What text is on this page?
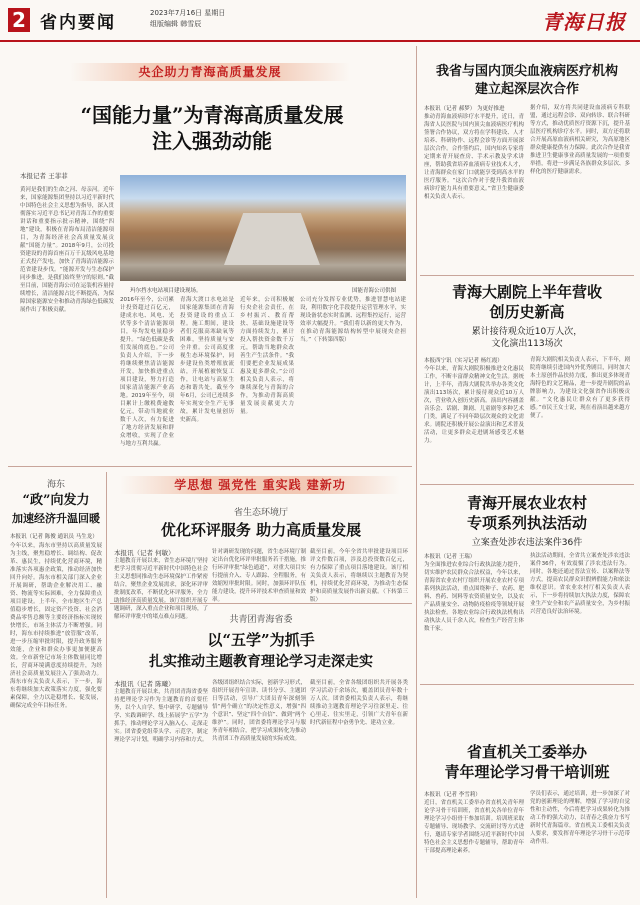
2 省内要闻	2023年7月16日 星期日
组版编辑 韩雪辰	青海日报
央企助力青海高质量发展
“国能力量”为青海高质量发展
注入强劲动能
本报记者 王菲菲
黄河是我们的生命之河、母亲河。近年来，国家能源集团坚持以习近平新时代中国特色社会主义思想为指导，深入贯彻落实习近平总书记对青海工作的重要讲话和重要指示批示精神，围绕“四地”建设，积极在青海布局清洁能源项目，为青海经济社会高质量发展贡献“国能力量”。2018年9月，公司投资建设的青海首座百万千瓦级风电基地正式投产发电，加快了青海清洁能源示范省建设步伐。“能源开发与生态保护同步推进，是我们始终坚守的原则。”截至目前，国能青海公司在运装机容量持续增长，清洁能源占比不断提高，为保障国家能源安全和推动青海绿色低碳发展作出了积极贡献。
玛尔挡水电站项目建设现场。	国能青海公司供图
2016年至今，公司累计投资超过百亿元，建成水电、风电、光伏等多个清洁能源项目，年均发电量稳步提升。“绿色低碳是我们发展的底色。”公司负责人介绍，下一步将继续聚焦清洁能源开发，加快推进重点项目建设，努力打造国家清洁能源产业高地。2019年至今，项目累计上缴税费逾数亿元，带动当地就业数千人次，有力促进了地方经济发展和群众增收，实现了企业与地方互利共赢。
青海大渡口水电站是国家能源集团在青海投资建设的重点工程。施工期间，建设者们克服高寒缺氧等困难，坚持质量与安全并重。公司高度重视生态环境保护，同步建设鱼类增殖放流站，开展植被恢复工作，让电站与高原生态和谐共处。截至今年6月，公司已连续多年实现安全生产无事故，累计发电量创历史新高。
近年来，公司积极履行央企社会责任，在乡村振兴、教育帮扶、基础设施建设等方面持续发力，累计投入帮扶资金数千万元，帮助当地群众改善生产生活条件。“我们要把企业发展成果惠及更多群众。”公司相关负责人表示，将继续深化与青海的合作，为推动青海高质量发展贡献更大力量。
公司充分发挥专业优势，推进智慧电站建设，利用数字化手段提升运营管理水平，实现设备状态实时监测、远程集控运行，运营效率大幅提升。“我们将以新的更大作为，在推动青海能源结构转型中展现央企担当。”（下转第四版）
海东
“政”向发力
加速经济升温回暖
本报讯（记者 陈俊 通讯员 马生龙）
今年以来，海东市坚持以高质量发展为主线，聚焦稳增长、调结构、促改革、惠民生，持续优化营商环境，精准落实各项惠企政策，推动经济加快回升向好。海东市相关部门深入企业开展调研，帮助企业解决用工、融资、物流等实际困难，全力保障重点项目建设。上半年，全市地区生产总值稳步增长，固定资产投资、社会消费品零售总额等主要经济指标实现较快增长，市场主体活力不断增强。同时，海东市持续推进“放管服”改革，进一步压缩审批时限，提升政务服务效能，企业和群众办事更加便捷高效。全市新登记市场主体数量同比增长，营商环境满意度持续提升，为经济社会高质量发展注入了强劲动力。海东市有关负责人表示，下一步，海东将继续加大政策落实力度，强化要素保障，全力以赴稳增长、促发展，确保完成全年目标任务。
学思想 强党性 重实践 建新功
省生态环境厅
优化环评服务 助力高质量发展
本报讯（记者 何敏）
主题教育开展以来，省生态环境厅坚持把学习贯彻习近平新时代中国特色社会主义思想同推动生态环境保护工作紧密结合，聚焦企业发展需求，深化环评审批制度改革，不断优化环评服务，全力助推经济高质量发展。该厅组织开展专题调研，深入重点企业和项目现场，了解环评审批中的堵点难点问题。
针对调研发现的问题，省生态环境厅制定出台优化环评审批服务若干措施，推行环评审批“绿色通道”，对重大项目实行提前介入、专人跟踪、全程服务，有效缩短审批时限。同时，加强环评队伍能力建设，提升环评技术审查质量和效率。
截至目前，今年全省共审批建设项目环评文件数百项，涉及总投资数百亿元，有力保障了重点项目落地建设。该厅相关负责人表示，将继续以主题教育为契机，持续优化营商环境，为推动生态保护和高质量发展作出新贡献。（下转第三版）
共青团青海省委
以“五学”为抓手
扎实推动主题教育理论学习走深走实
本报讯（记者 陈曦）
主题教育开展以来，共青团青海省委坚持把理论学习作为主题教育的首要任务，以个人自学、集中研学、专题辅导学、实践调研学、线上拓展学“五学”为抓手，推动理论学习入脑入心、走深走实。团省委党组带头学、示范学，制定理论学习计划，明确学习内容和方式。
各级团组织结合实际，创新学习形式，组织开展青年宣讲、读书分享、主题团日等活动，引导广大团员青年深刻领悟“两个确立”的决定性意义，增强“四个意识”、坚定“四个自信”、做到“两个维护”。同时，团省委将理论学习与服务青年相结合，把学习成果转化为推动共青团工作高质量发展的实际成效。
截至目前，全省各级团组织共开展各类学习活动千余场次，覆盖团员青年数十万人次。团省委相关负责人表示，将继续推动主题教育理论学习往深里走、往心里走、往实里走，引领广大青年在新时代新征程中奋勇争先、建功立业。
我省与国内顶尖血液病医疗机构
建立起深层次合作
本报讯（记者 郝梦） 为更好推进
推动青海血液病诊疗水平提升，近日，青海省人民医院与国内顶尖血液病医疗机构签署合作协议，双方将在学科建设、人才培养、科研协作、远程会诊等方面开展深层次合作。合作签约后，国内知名专家将定期来青开展查房、手术示教及学术讲座，帮助我省培养血液病专业技术人才，让青海群众在家门口就能享受到高水平的医疗服务。“这次合作对于提升我省血液病诊疗能力具有重要意义。”省卫生健康委相关负责人表示。
据介绍，双方将共同建设血液病专科联盟，通过远程会诊、双向转诊、联合科研等方式，推动优质医疗资源下沉，提升基层医疗机构诊疗水平。同时，双方还将联合开展高原血液病相关研究，为高原地区群众健康提供有力保障。此次合作是我省推进卫生健康事业高质量发展的一项重要举措，将进一步满足各族群众多层次、多样化的医疗健康需求。
青海大剧院上半年营收
创历史新高
累计接待观众近10万人次，
文化演出113场次
本报西宁讯（实习记者 杨红霞）
今年以来，青海大剧院积极推进文化惠民工作，不断丰富群众精神文化生活。据统计，上半年，青海大剧院共举办各类文化演出113场次，累计接待观众近10万人次，营业收入创历史新高。演出内容涵盖音乐会、话剧、舞剧、儿童剧等多种艺术门类，满足了不同年龄层次观众的文化需求。剧院还积极开展公益演出和艺术普及活动，让更多群众走进剧场感受艺术魅力。
青海大剧院相关负责人表示，下半年，剧院将继续引进国内外优秀剧目，同时加大本土原创作品扶持力度，推出更多体现青海特色的文艺精品，进一步提升剧院的品牌影响力，为建设文化强省作出积极贡献。“文化惠民让群众有了更多获得感。”市民王女士说，现在看演出越来越方便了。
青海开展农业农村
专项系列执法活动
立案查处涉农违法案件36件
本报讯（记者 王瑞）
为全面推进农业综合行政执法能力提升，切实维护农民群众合法权益，今年以来，青海省农业农村厅组织开展农业农村专项系列执法活动，重点围绕种子、农药、肥料、兽药、饲料等农资质量安全，以及农产品质量安全、动物防疫检疫等领域开展执法检查。各地农业综合行政执法机构出动执法人员千余人次，检查生产经营主体数千家。
执法活动期间，全省共立案查处涉农违法案件36件，有效震慑了涉农违法行为。同时，各地还通过普法宣传、以案释法等方式，提高农民群众识假辨假能力和依法维权意识。省农业农村厅相关负责人表示，下一步将持续加大执法力度，保障农业生产安全和农产品质量安全，为乡村振兴营造良好法治环境。
省直机关工委举办
青年理论学习骨干培训班
本报讯（记者 李雪莉）
近日，省直机关工委举办省直机关青年理论学习骨干培训班，省直机关各单位青年理论学习小组骨干参加培训。培训班采取专题辅导、现场教学、交流研讨等方式进行，邀请专家学者围绕习近平新时代中国特色社会主义思想作专题辅导，帮助青年干部提高理论素养。
学员们表示，通过培训，进一步加深了对党的创新理论的理解，增强了学习的自觉性和主动性，今后将把学习成果转化为推动工作的强大动力，以青春之我奋力书写新时代青海篇章。省直机关工委相关负责人要求，要发挥青年理论学习骨干示范带动作用。
